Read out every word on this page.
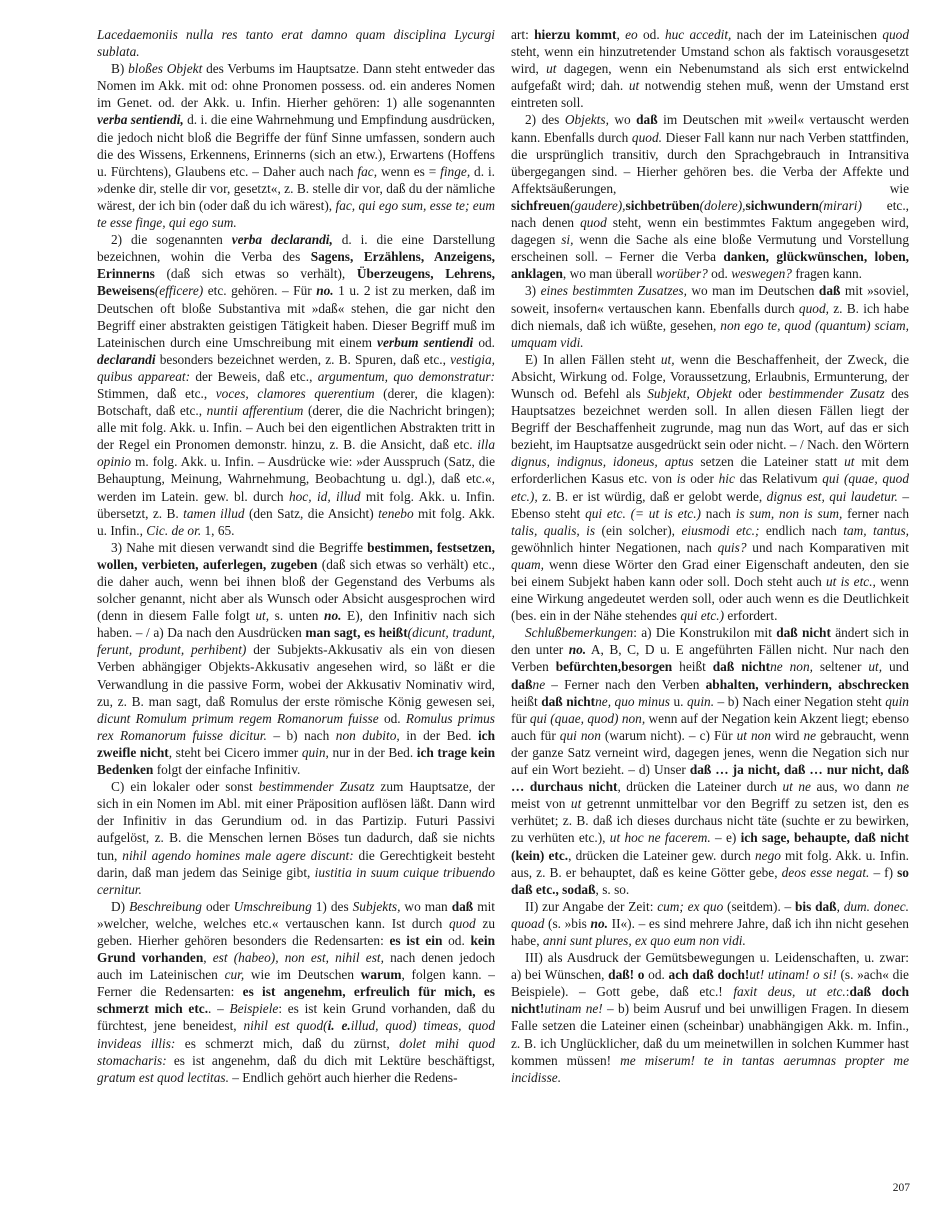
Lacedaemoniis nulla res tanto erat damno quam disciplina Lycurgi sublata.

B) bloßes Objekt des Verbums im Hauptsatze. Dann steht entweder das Nomen im Akk. mit od: ohne Pronomen possess. od. ein anderes Nomen im Genet. od. der Akk. u. Infin. Hierher gehören: 1) alle sogenannten verba sentiendi, d. i. die eine Wahrnehmung und Empfindung ausdrücken, die jedoch nicht bloß die Begriffe der fünf Sinne umfassen, sondern auch die des Wissens, Erkennens, Erinnerns (sich an etw.), Erwartens (Hoffens u. Fürchtens), Glaubens etc. – Daher auch nach fac, wenn es = finge, d. i. »denke dir, stelle dir vor, gesetzt«, z. B. stelle dir vor, daß du der nämliche wärest, der ich bin (oder daß du ich wärest), fac, qui ego sum, esse te; eum te esse finge, qui ego sum.

2) die sogenannten verba declarandi, d. i. die eine Darstellung bezeichnen, wohin die Verba des Sagens, Erzählens, Anzeigens, Erinnerns (daß sich etwas so verhält), Überzeugens, Lehrens, Beweisens(efficere) etc. gehören. – Für no. 1 u. 2 ist zu merken, daß im Deutschen oft bloße Substantiva mit »daß« stehen, die gar nicht den Begriff einer abstrakten geistigen Tätigkeit haben. Dieser Begriff muß im Lateinischen durch eine Umschreibung mit einem verbum sentiendi od. declarandi besonders bezeichnet werden, z. B. Spuren, daß etc., vestigia, quibus appareat: der Beweis, daß etc., argumentum, quo demonstratur: Stimmen, daß etc., voces, clamores querentium (derer, die klagen): Botschaft, daß etc., nuntii afferentium (derer, die die Nachricht bringen); alle mit folg. Akk. u. Infin. – Auch bei den eigentlichen Abstrakten tritt in der Regel ein Pronomen demonstr. hinzu, z. B. die Ansicht, daß etc. illa opinio m. folg. Akk. u. Infin. – Ausdrücke wie: »der Ausspruch (Satz, die Behauptung, Meinung, Wahrnehmung, Beobachtung u. dgl.), daß etc.«, werden im Latein. gew. bl. durch hoc, id, illud mit folg. Akk. u. Infin. übersetzt, z. B. tamen illud (den Satz, die Ansicht) tenebo mit folg. Akk. u. Infin., Cic. de or. 1, 65.

3) Nahe mit diesen verwandt sind die Begriffe bestimmen, festsetzen, wollen, verbieten, auferlegen, zugeben (daß sich etwas so verhält) etc., die daher auch, wenn bei ihnen bloß der Gegenstand des Verbums als solcher genannt, nicht aber als Wunsch oder Absicht ausgesprochen wird (denn in diesem Falle folgt ut, s. unten no. E), den Infinitiv nach sich haben. – / a) Da nach den Ausdrücken man sagt, es heißt(dicunt, tradunt, ferunt, produnt, perhibent) der Subjekts-Akkusativ als ein von diesen Verben abhängiger Objekts-Akkusativ angesehen wird, so läßt er die Verwandlung in die passive Form, wobei der Akkusativ Nominativ wird, zu, z. B. man sagt, daß Romulus der erste römische König gewesen sei, dicunt Romulum primum regem Romanorum fuisse od. Romulus primus rex Romanorum fuisse dicitur. – b) nach non dubito, in der Bed. ich zweifle nicht, steht bei Cicero immer quin, nur in der Bed. ich trage kein Bedenken folgt der einfache Infinitiv.

C) ein lokaler oder sonst bestimmender Zusatz zum Hauptsatze, der sich in ein Nomen im Abl. mit einer Präposition auflösen läßt. Dann wird der Infinitiv in das Gerundium od. in das Partizip. Futuri Passivi aufgelöst, z. B. die Menschen lernen Böses tun dadurch, daß sie nichts tun, nihil agendo homines male agere discunt: die Gerechtigkeit besteht darin, daß man jedem das Seinige gibt, iustitia in suum cuique tribuendo cernitur.

D) Beschreibung oder Umschreibung 1) des Subjekts, wo man daß mit »welcher, welche, welches etc.« vertauschen kann. Ist durch quod zu geben. Hierher gehören besonders die Redensarten: es ist ein od. kein Grund vorhanden, est (habeo), non est, nihil est, nach denen jedoch auch im Lateinischen cur, wie im Deutschen warum, folgen kann. – Ferner die Redensarten: es ist angenehm, erfreulich für mich, es schmerzt mich etc.. – Beispiele: es ist kein Grund vorhanden, daß du fürchtest, jene beneidest, nihil est quod(i. e.illud, quod) timeas, quod invideas illis: es schmerzt mich, daß du zürnst, dolet mihi quod stomacharis: es ist angenehm, daß du dich mit Lektüre beschäftigst, gratum est quod lectitas. – Endlich gehört auch hierher die Redens-

art: hierzu kommt, eo od. huc accedit, nach der im Lateinischen quod steht, wenn ein hinzutretender Umstand schon als faktisch vorausgesetzt wird, ut dagegen, wenn ein Nebenumstand als sich erst entwickelnd aufgefaßt wird; dah. ut notwendig stehen muß, wenn der Umstand erst eintreten soll.

2) des Objekts, wo daß im Deutschen mit »weil« vertauscht werden kann. Ebenfalls durch quod. Dieser Fall kann nur nach Verben stattfinden, die ursprünglich transitiv, durch den Sprachgebrauch in Intransitiva übergegangen sind. – Hierher gehören bes. die Verba der Affekte und Affektsäußerungen, wie sichfreuen(gaudere),sichbetrüben(dolere),sichwundern(mirari) etc., nach denen quod steht, wenn ein bestimmtes Faktum angegeben wird, dagegen si, wenn die Sache als eine bloße Vermutung und Vorstellung erscheinen soll. – Ferner die Verba danken, glückwünschen, loben, anklagen, wo man überall worüber? od. weswegen? fragen kann.

3) eines bestimmten Zusatzes, wo man im Deutschen daß mit »soviel, soweit, insofern« vertauschen kann. Ebenfalls durch quod, z. B. ich habe dich niemals, daß ich wüßte, gesehen, non ego te, quod (quantum) sciam, umquam vidi.

E) In allen Fällen steht ut, wenn die Beschaffenheit, der Zweck, die Absicht, Wirkung od. Folge, Voraussetzung, Erlaubnis, Ermunterung, der Wunsch od. Befehl als Subjekt, Objekt oder bestimmender Zusatz des Hauptsatzes bezeichnet werden soll. In allen diesen Fällen liegt der Begriff der Beschaffenheit zugrunde, mag nun das Wort, auf das er sich bezieht, im Hauptsatze ausgedrückt sein oder nicht. – / Nach. den Wörtern dignus, indignus, idoneus, aptus setzen die Lateiner statt ut mit dem erforderlichen Kasus etc. von is oder hic das Relativum qui (quae, quod etc.), z. B. er ist würdig, daß er gelobt werde, dignus est, qui laudetur. – Ebenso steht qui etc. (= ut is etc.) nach is sum, non is sum, ferner nach talis, qualis, is (ein solcher), eiusmodi etc.; endlich nach tam, tantus, gewöhnlich hinter Negationen, nach quis? und nach Komparativen mit quam, wenn diese Wörter den Grad einer Eigenschaft andeuten, den sie bei einem Subjekt haben kann oder soll. Doch steht auch ut is etc., wenn eine Wirkung angedeutet werden soll, oder auch wenn es die Deutlichkeit (bes. ein in der Nähe stehendes qui etc.) erfordert.

Schlußbemerkungen: a) Die Konstrukilon mit daß nicht ändert sich in den unter no. A, B, C, D u. E angeführten Fällen nicht. Nur nach den Verben befürchten,besorgen heißt daß nichtne non, seltener ut, und daßne – Ferner nach den Verben abhalten, verhindern, abschrecken heißt daß nichtne, quo minus u. quin. – b) Nach einer Negation steht quin für qui (quae, quod) non, wenn auf der Negation kein Akzent liegt; ebenso auch für qui non (warum nicht). – c) Für ut non wird ne gebraucht, wenn der ganze Satz verneint wird, dagegen jenes, wenn die Negation sich nur auf ein Wort bezieht. – d) Unser daß … ja nicht, daß … nur nicht, daß … durchaus nicht, drücken die Lateiner durch ut ne aus, wo dann ne meist von ut getrennt unmittelbar vor den Begriff zu setzen ist, den es verhütet; z. B. daß ich dieses durchaus nicht täte (suchte er zu bewirken, zu verhüten etc.), ut hoc ne facerem. – e) ich sage, behaupte, daß nicht (kein) etc., drücken die Lateiner gew. durch nego mit folg. Akk. u. Infin. aus, z. B. er behauptet, daß es keine Götter gebe, deos esse negat. – f) so daß etc., sodaß, s. so.

II) zur Angabe der Zeit: cum; ex quo (seitdem). – bis daß, dum. donec. quoad (s. »bis no. II«). – es sind mehrere Jahre, daß ich ihn nicht gesehen habe, anni sunt plures, ex quo eum non vidi.

III) als Ausdruck der Gemütsbewegungen u. Leidenschaften, u. zwar: a) bei Wünschen, daß! o od. ach daß doch!ut! utinam! o si! (s. »ach« die Beispiele). – Gott gebe, daß etc.! faxit deus, ut etc.:daß doch nicht!utinam ne! – b) beim Ausruf und bei unwilligen Fragen. In diesem Falle setzen die Lateiner einen (scheinbar) unabhängigen Akk. m. Infin., z. B. ich Unglücklicher, daß du um meinetwillen in solchen Kummer hast kommen müssen! me miserum! te in tantas aerumnas propter me incidisse.

207
